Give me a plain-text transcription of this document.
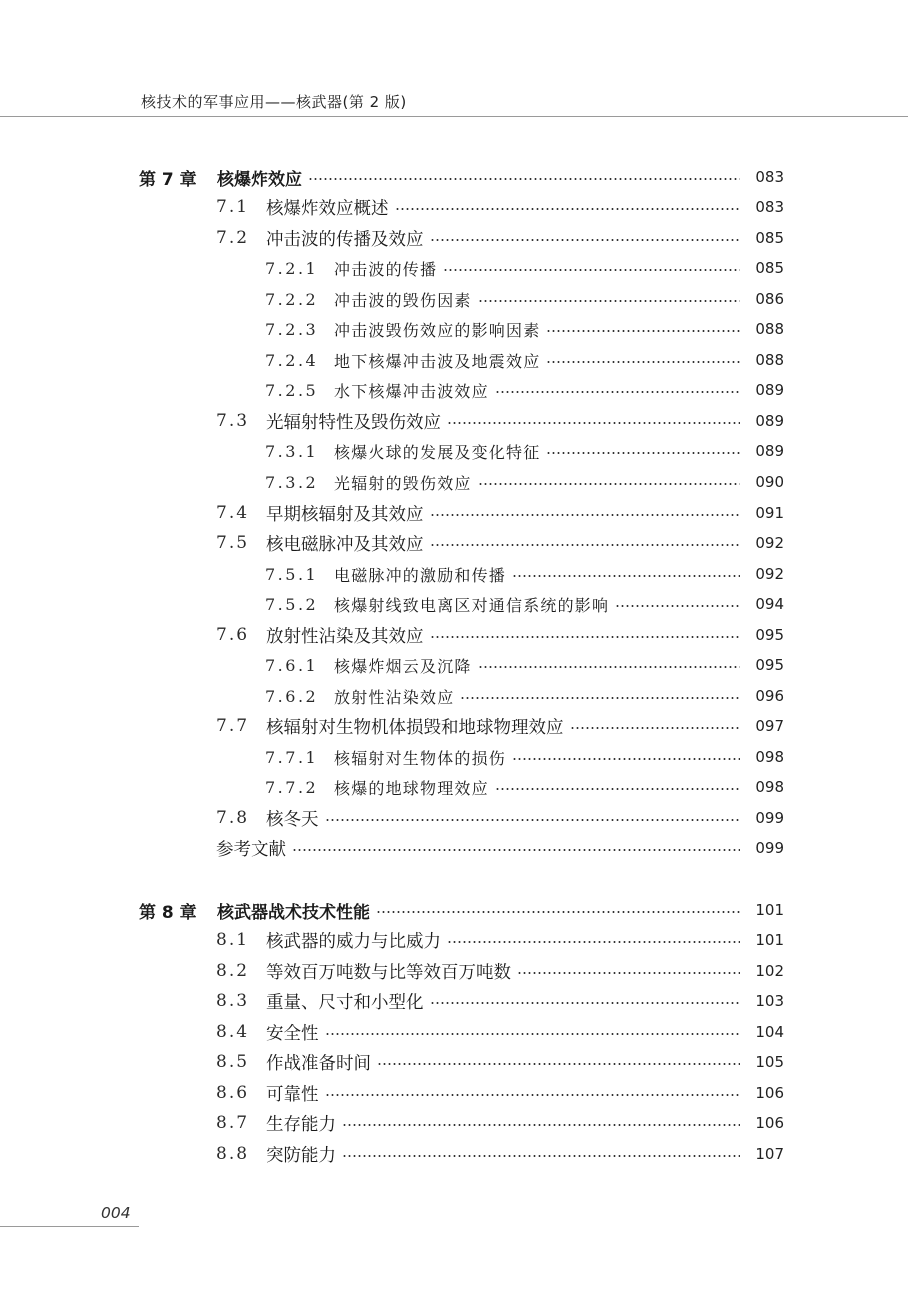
核技术的军事应用——核武器(第 2 版)
第 7 章	核爆炸效应	083
7.1 核爆炸效应概述	083
7.2 冲击波的传播及效应	085
7.2.1 冲击波的传播	085
7.2.2 冲击波的毁伤因素	086
7.2.3 冲击波毁伤效应的影响因素	088
7.2.4 地下核爆冲击波及地震效应	088
7.2.5 水下核爆冲击波效应	089
7.3 光辐射特性及毁伤效应	089
7.3.1 核爆火球的发展及变化特征	089
7.3.2 光辐射的毁伤效应	090
7.4 早期核辐射及其效应	091
7.5 核电磁脉冲及其效应	092
7.5.1 电磁脉冲的激励和传播	092
7.5.2 核爆射线致电离区对通信系统的影响	094
7.6 放射性沾染及其效应	095
7.6.1 核爆炸烟云及沉降	095
7.6.2 放射性沾染效应	096
7.7 核辐射对生物机体损毁和地球物理效应	097
7.7.1 核辐射对生物体的损伤	098
7.7.2 核爆的地球物理效应	098
7.8 核冬天	099
参考文献	099
第 8 章	核武器战术技术性能	101
8.1 核武器的威力与比威力	101
8.2 等效百万吨数与比等效百万吨数	102
8.3 重量、尺寸和小型化	103
8.4 安全性	104
8.5 作战准备时间	105
8.6 可靠性	106
8.7 生存能力	106
8.8 突防能力	107
004
